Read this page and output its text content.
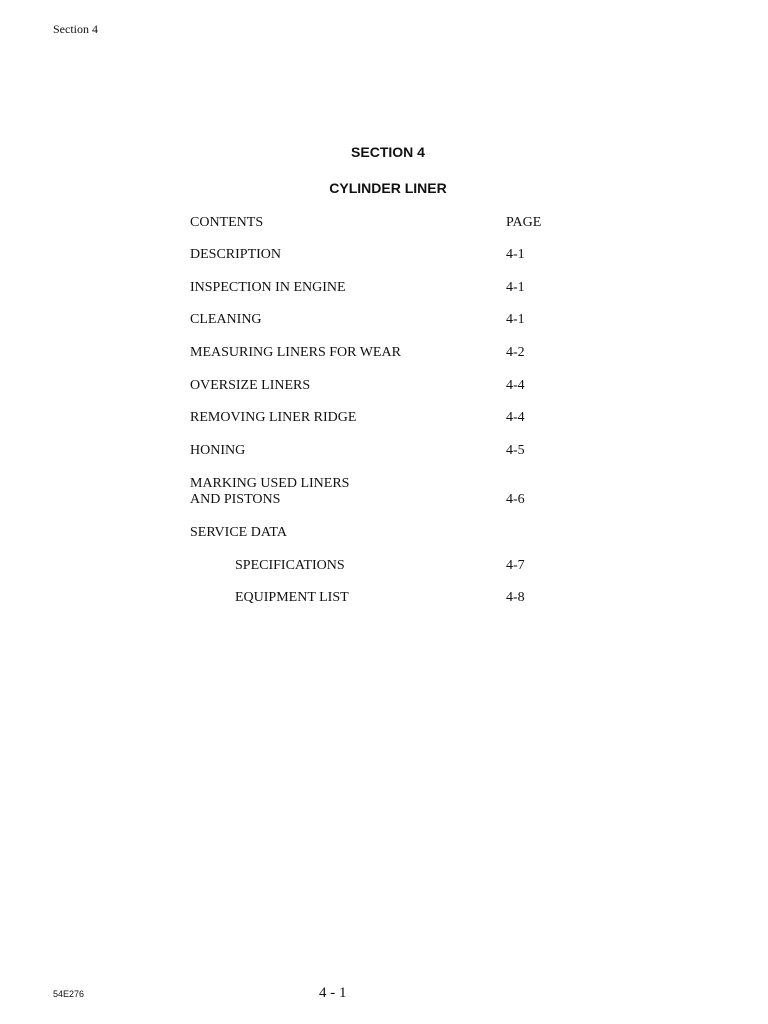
Section 4
SECTION 4
CYLINDER LINER
CONTENTS	PAGE
DESCRIPTION	4-1
INSPECTION IN ENGINE	4-1
CLEANING	4-1
MEASURING LINERS FOR WEAR	4-2
OVERSIZE LINERS	4-4
REMOVING LINER RIDGE	4-4
HONING	4-5
MARKING USED LINERS
AND PISTONS	4-6
SERVICE DATA
SPECIFICATIONS	4-7
EQUIPMENT LIST	4-8
54E276	4 - 1
